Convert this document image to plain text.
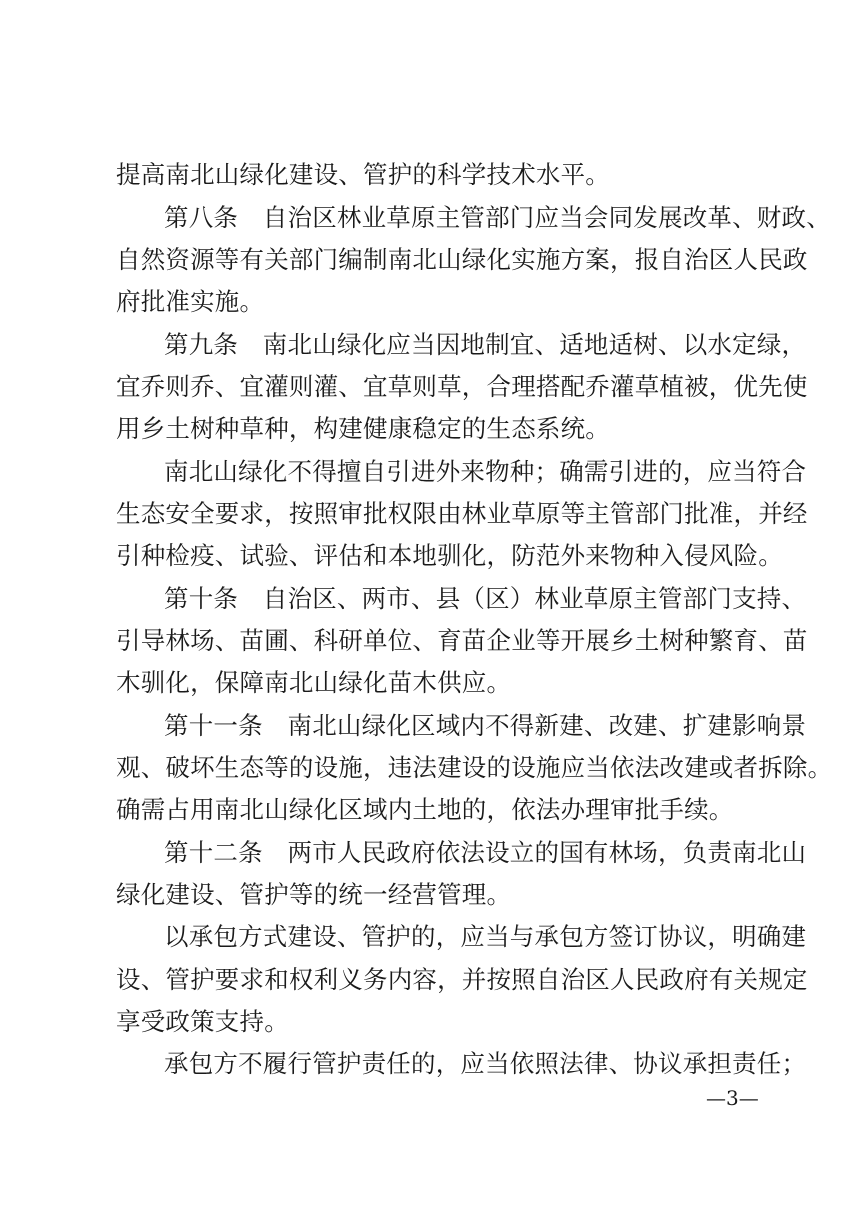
提高南北山绿化建设、管护的科学技术水平。
第八条　自治区林业草原主管部门应当会同发展改革、财政、
自然资源等有关部门编制南北山绿化实施方案，报自治区人民政
府批准实施。
第九条　南北山绿化应当因地制宜、适地适树、以水定绿，
宜乔则乔、宜灌则灌、宜草则草，合理搭配乔灌草植被，优先使
用乡土树种草种，构建健康稳定的生态系统。
南北山绿化不得擅自引进外来物种；确需引进的，应当符合
生态安全要求，按照审批权限由林业草原等主管部门批准，并经
引种检疫、试验、评估和本地驯化，防范外来物种入侵风险。
第十条　自治区、两市、县（区）林业草原主管部门支持、
引导林场、苗圃、科研单位、育苗企业等开展乡土树种繁育、苗
木驯化，保障南北山绿化苗木供应。
第十一条　南北山绿化区域内不得新建、改建、扩建影响景
观、破坏生态等的设施，违法建设的设施应当依法改建或者拆除。
确需占用南北山绿化区域内土地的，依法办理审批手续。
第十二条　两市人民政府依法设立的国有林场，负责南北山
绿化建设、管护等的统一经营管理。
以承包方式建设、管护的，应当与承包方签订协议，明确建
设、管护要求和权利义务内容，并按照自治区人民政府有关规定
享受政策支持。
承包方不履行管护责任的，应当依照法律、协议承担责任；
—3—
